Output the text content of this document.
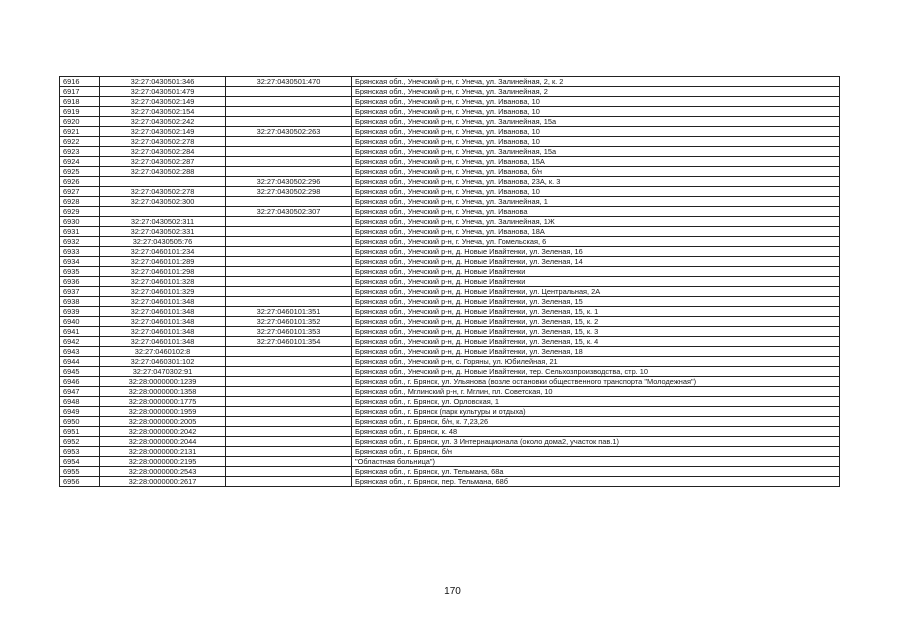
6916	32:27:0430501:346	32:27:0430501:470	Брянская обл., Унечский р-н, г. Унеча, ул. Залинейная, 2, к. 2
6917	32:27:0430501:479		Брянская обл., Унечский р-н, г. Унеча, ул. Залинейная, 2
6918	32:27:0430502:149		Брянская обл., Унечский р-н, г. Унеча, ул. Иванова, 10
6919	32:27:0430502:154		Брянская обл., Унечский р-н, г. Унеча, ул. Иванова, 10
6920	32:27:0430502:242		Брянская обл., Унечский р-н, г. Унеча, ул. Залинейная, 15а
6921	32:27:0430502:149	32:27:0430502:263	Брянская обл., Унечский р-н, г. Унеча, ул. Иванова, 10
6922	32:27:0430502:278		Брянская обл., Унечский р-н, г. Унеча, ул. Иванова, 10
6923	32:27:0430502:284		Брянская обл., Унечский р-н, г. Унеча, ул. Залинейная, 15а
6924	32:27:0430502:287		Брянская обл., Унечский р-н, г. Унеча, ул. Иванова, 15А
6925	32:27:0430502:288		Брянская обл., Унечский р-н, г. Унеча, ул. Иванова, б/н
6926		32:27:0430502:296	Брянская обл., Унечский р-н, г. Унеча, ул. Иванова, 23А, к. 3
6927	32:27:0430502:278	32:27:0430502:298	Брянская обл., Унечский р-н, г. Унеча, ул. Иванова, 10
6928	32:27:0430502:300		Брянская обл., Унечский р-н, г. Унеча, ул. Залинейная, 1
6929		32:27:0430502:307	Брянская обл., Унечский р-н, г. Унеча, ул. Иванова
6930	32:27:0430502:311		Брянская обл., Унечский р-н, г. Унеча, ул. Залинейная, 1Ж
6931	32:27:0430502:331		Брянская обл., Унечский р-н, г. Унеча, ул. Иванова, 18А
6932	32:27:0430505:76		Брянская обл., Унечский р-н, г. Унеча, ул. Гомельская, 6
6933	32:27:0460101:234		Брянская обл., Унечский р-н, д. Новые Ивайтенки, ул. Зеленая, 16
6934	32:27:0460101:289		Брянская обл., Унечский р-н, д. Новые Ивайтенки, ул. Зеленая, 14
6935	32:27:0460101:298		Брянская обл., Унечский р-н, д. Новые Ивайтенки
6936	32:27:0460101:328		Брянская обл., Унечский р-н, д. Новые Ивайтенки
6937	32:27:0460101:329		Брянская обл., Унечский р-н, д. Новые Ивайтенки, ул. Центральная, 2А
6938	32:27:0460101:348		Брянская обл., Унечский р-н, д. Новые Ивайтенки, ул. Зеленая, 15
6939	32:27:0460101:348	32:27:0460101:351	Брянская обл., Унечский р-н, д. Новые Ивайтенки, ул. Зеленая, 15, к. 1
6940	32:27:0460101:348	32:27:0460101:352	Брянская обл., Унечский р-н, д. Новые Ивайтенки, ул. Зеленая, 15, к. 2
6941	32:27:0460101:348	32:27:0460101:353	Брянская обл., Унечский р-н, д. Новые Ивайтенки, ул. Зеленая, 15, к. 3
6942	32:27:0460101:348	32:27:0460101:354	Брянская обл., Унечский р-н, д. Новые Ивайтенки, ул. Зеленая, 15, к. 4
6943	32:27:0460102:8		Брянская обл., Унечский р-н, д. Новые Ивайтенки, ул. Зеленая, 18
6944	32:27:0460301:102		Брянская обл., Унечский р-н, с. Горяны, ул. Юбилейная, 21
6945	32:27:0470302:91		Брянская обл., Унечский р-н, д. Новые Ивайтенки, тер. Сельхозпроизводства, стр. 10
6946	32:28:0000000:1239		Брянская обл., г. Брянск, ул. Ульянова (возле остановки общественного транспорта "Молодежная")
6947	32:28:0000000:1358		Брянская обл., Мглинский р-н, г. Мглин, пл. Советская, 10
6948	32:28:0000000:1775		Брянская обл., г. Брянск, ул. Орловская, 1
6949	32:28:0000000:1959		Брянская обл., г. Брянск (парк культуры и отдыха)
6950	32:28:0000000:2005		Брянская обл., г. Брянск, б/н, к. 7,23,26
6951	32:28:0000000:2042		Брянская обл., г. Брянск, к. 48
6952	32:28:0000000:2044		Брянская обл., г. Брянск, ул. 3 Интернационала (около дома2, участок пав.1)
6953	32:28:0000000:2131		Брянская обл., г. Брянск, б/н
6954	32:28:0000000:2195		"Областная больница")
6955	32:28:0000000:2543		Брянская обл., г. Брянск, ул. Тельмана, 68а
6956	32:28:0000000:2617		Брянская обл., г. Брянск, пер. Тельмана, 68б
170
